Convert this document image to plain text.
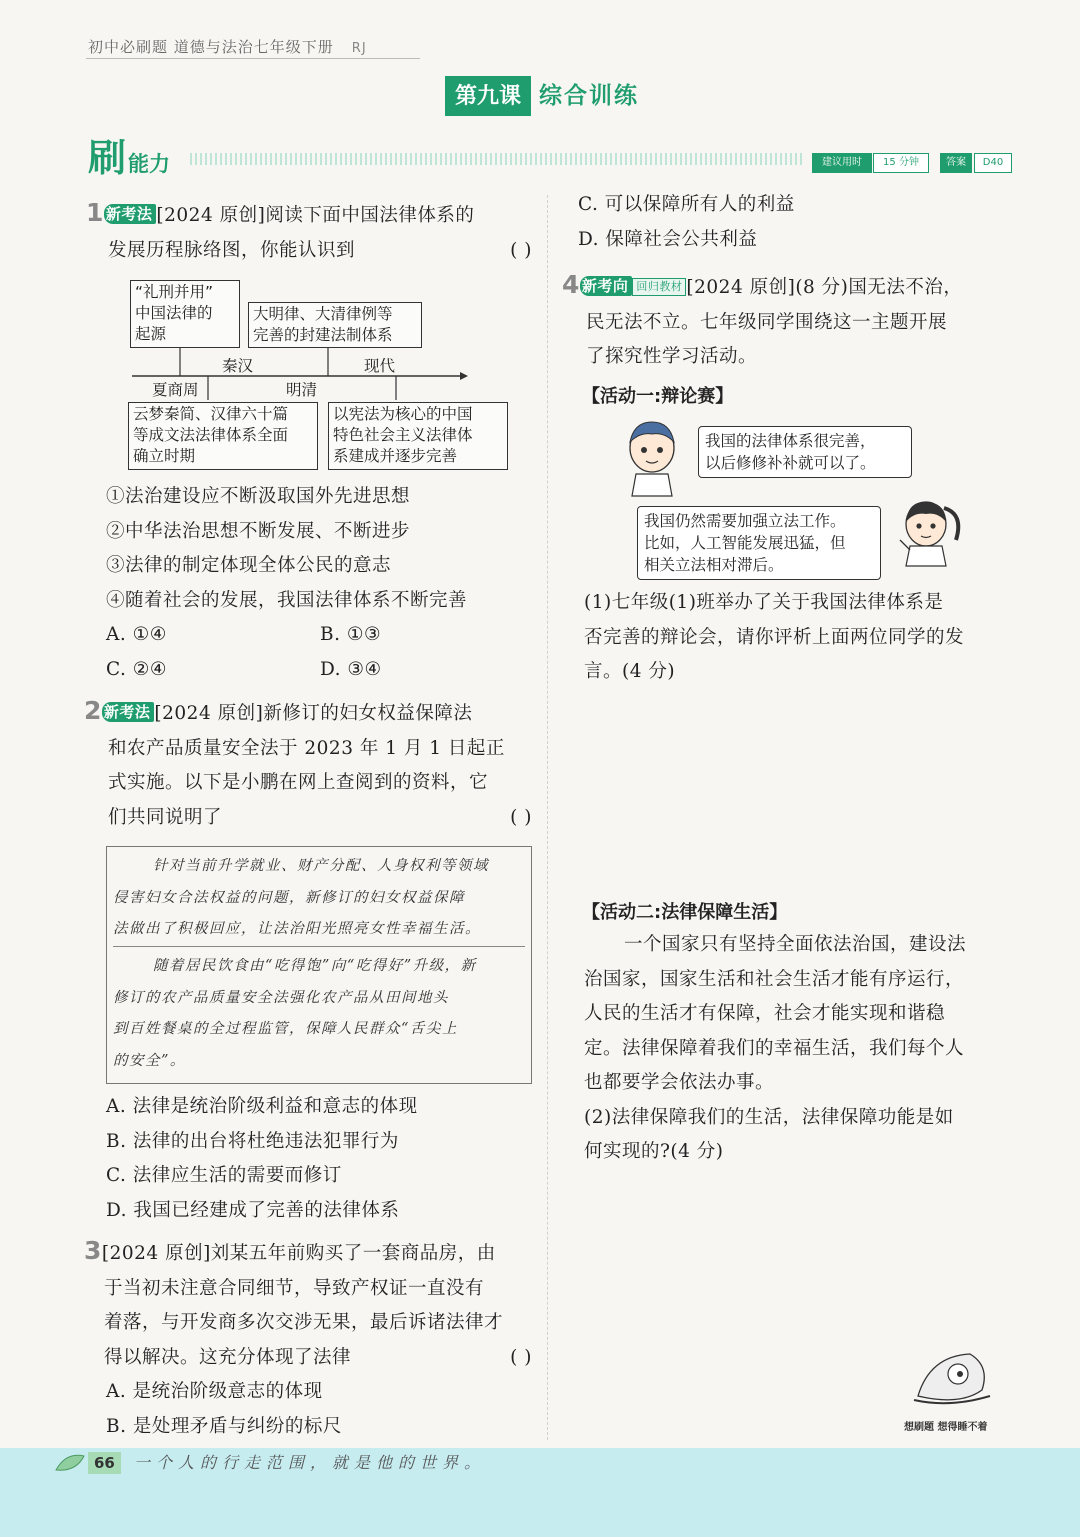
初中必刷题 道德与法治七年级下册 RJ
第九课 综合训练
刷 能力	建议用时	15 分钟	答案	D40
1 新考法 [2024 原创]阅读下面中国法律体系的
发展历程脉络图，你能认识到	( )
“礼刑并用”
中国法律的
起源
大明律、大清律例等
完善的封建法制体系
秦汉	现代
夏商周	明清
云梦秦简、汉律六十篇
等成文法法律体系全面
确立时期
以宪法为核心的中国
特色社会主义法律体
系建成并逐步完善
①法治建设应不断汲取国外先进思想
②中华法治思想不断发展、不断进步
③法律的制定体现全体公民的意志
④随着社会的发展，我国法律体系不断完善
A. ①④	B. ①③
C. ②④	D. ③④
2 新考法 [2024 原创]新修订的妇女权益保障法
和农产品质量安全法于 2023 年 1 月 1 日起正
式实施。以下是小鹏在网上查阅到的资料，它
们共同说明了	( )
针对当前升学就业、财产分配、人身权利等领域
侵害妇女合法权益的问题，新修订的妇女权益保障
法做出了积极回应，让法治阳光照亮女性幸福生活。
随着居民饮食由“吃得饱”向“吃得好”升级，新
修订的农产品质量安全法强化农产品从田间地头
到百姓餐桌的全过程监管，保障人民群众“舌尖上
的安全”。
A. 法律是统治阶级利益和意志的体现
B. 法律的出台将杜绝违法犯罪行为
C. 法律应生活的需要而修订
D. 我国已经建成了完善的法律体系
3[2024 原创]刘某五年前购买了一套商品房，由
于当初未注意合同细节，导致产权证一直没有
着落，与开发商多次交涉无果，最后诉诸法律才
得以解决。这充分体现了法律	( )
A. 是统治阶级意志的体现
B. 是处理矛盾与纠纷的标尺
C. 可以保障所有人的利益
D. 保障社会公共利益
4 新考向 回归教材 [2024 原创](8 分)国无法不治，
民无法不立。七年级同学围绕这一主题开展
了探究性学习活动。
【活动一:辩论赛】
我国的法律体系很完善，
以后修修补补就可以了。
我国仍然需要加强立法工作。
比如，人工智能发展迅猛，但
相关立法相对滞后。
(1)七年级(1)班举办了关于我国法律体系是
否完善的辩论会，请你评析上面两位同学的发
言。(4 分)
【活动二:法律保障生活】
一个国家只有坚持全面依法治国，建设法
治国家，国家生活和社会生活才能有序运行，
人民的生活才有保障，社会才能实现和谐稳
定。法律保障着我们的幸福生活，我们每个人
也都要学会依法办事。
(2)法律保障我们的生活，法律保障功能是如
何实现的?(4 分)
想刷题 想得睡不着
66	一个人的行走范围，就是他的世界。
